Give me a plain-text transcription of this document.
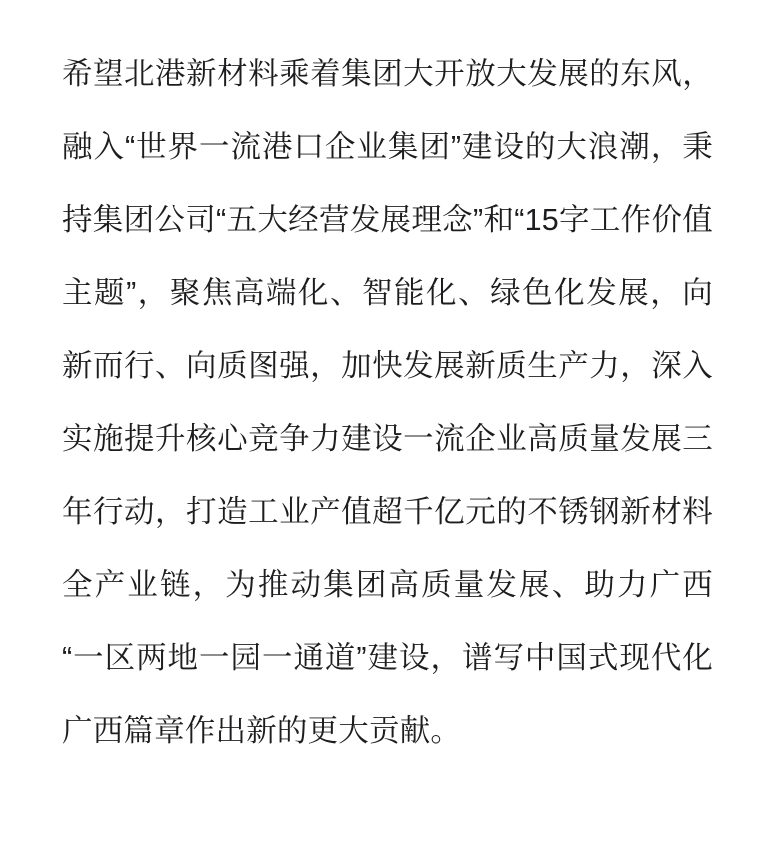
希望北港新材料乘着集团大开放大发展的东风，融入“世界一流港口企业集团”建设的大浪潮，秉持集团公司“五大经营发展理念”和“15字工作价值主题”，聚焦高端化、智能化、绿色化发展，向新而行、向质图强，加快发展新质生产力，深入实施提升核心竞争力建设一流企业高质量发展三年行动，打造工业产值超千亿元的不锈钢新材料全产业链，为推动集团高质量发展、助力广西“一区两地一园一通道”建设，谱写中国式现代化广西篇章作出新的更大贡献。
